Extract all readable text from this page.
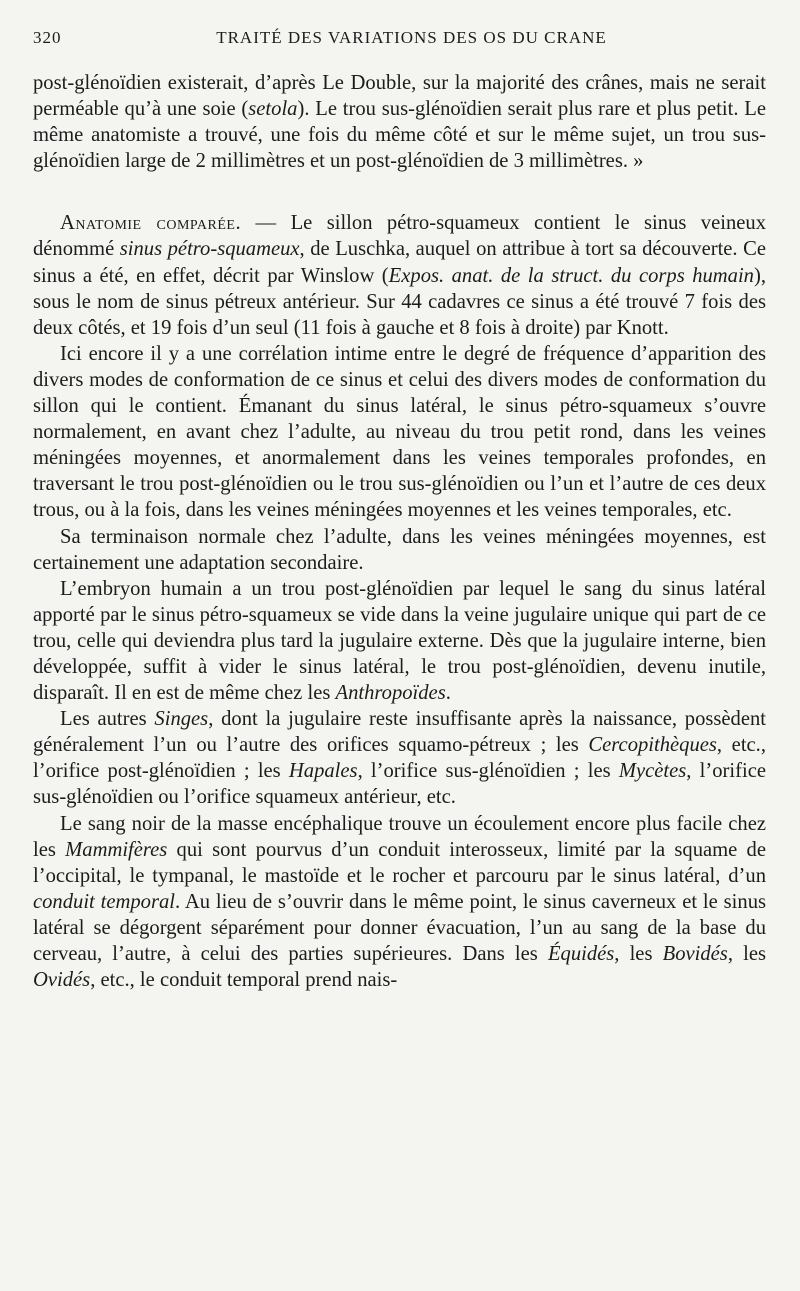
320	TRAITÉ DES VARIATIONS DES OS DU CRANE

post-glénoïdien existerait, d’après Le Double, sur la majorité des crânes, mais ne serait perméable qu’à une soie (setola). Le trou sus-glénoïdien serait plus rare et plus petit. Le même anatomiste a trouvé, une fois du même côté et sur le même sujet, un trou sus-glénoïdien large de 2 millimètres et un post-glénoïdien de 3 millimètres. »

Anatomie comparée. — Le sillon pétro-squameux contient le sinus veineux dénommé sinus pétro-squameux, de Luschka, auquel on attribue à tort sa découverte. Ce sinus a été, en effet, décrit par Winslow (Expos. anat. de la struct. du corps humain), sous le nom de sinus pétreux antérieur. Sur 44 cadavres ce sinus a été trouvé 7 fois des deux côtés, et 19 fois d’un seul (11 fois à gauche et 8 fois à droite) par Knott.

Ici encore il y a une corrélation intime entre le degré de fréquence d’apparition des divers modes de conformation de ce sinus et celui des divers modes de conformation du sillon qui le contient. Émanant du sinus latéral, le sinus pétro-squameux s’ouvre normalement, en avant chez l’adulte, au niveau du trou petit rond, dans les veines méningées moyennes, et anormalement dans les veines temporales profondes, en traversant le trou post-glénoïdien ou le trou sus-glénoïdien ou l’un et l’autre de ces deux trous, ou à la fois, dans les veines méningées moyennes et les veines temporales, etc.

Sa terminaison normale chez l’adulte, dans les veines méningées moyennes, est certainement une adaptation secondaire.

L’embryon humain a un trou post-glénoïdien par lequel le sang du sinus latéral apporté par le sinus pétro-squameux se vide dans la veine jugulaire unique qui part de ce trou, celle qui deviendra plus tard la jugulaire externe. Dès que la jugulaire interne, bien développée, suffit à vider le sinus latéral, le trou post-glénoïdien, devenu inutile, disparaît. Il en est de même chez les Anthropoïdes.

Les autres Singes, dont la jugulaire reste insuffisante après la naissance, possèdent généralement l’un ou l’autre des orifices squamo-pétreux ; les Cercopithèques, etc., l’orifice post-glénoïdien ; les Hapales, l’orifice sus-glénoïdien ; les Mycètes, l’orifice sus-glénoïdien ou l’orifice squameux antérieur, etc.

Le sang noir de la masse encéphalique trouve un écoulement encore plus facile chez les Mammifères qui sont pourvus d’un conduit interosseux, limité par la squame de l’occipital, le tympanal, le mastoïde et le rocher et parcouru par le sinus latéral, d’un conduit temporal. Au lieu de s’ouvrir dans le même point, le sinus caverneux et le sinus latéral se dégorgent séparément pour donner évacuation, l’un au sang de la base du cerveau, l’autre, à celui des parties supérieures. Dans les Équidés, les Bovidés, les Ovidés, etc., le conduit temporal prend nais-
